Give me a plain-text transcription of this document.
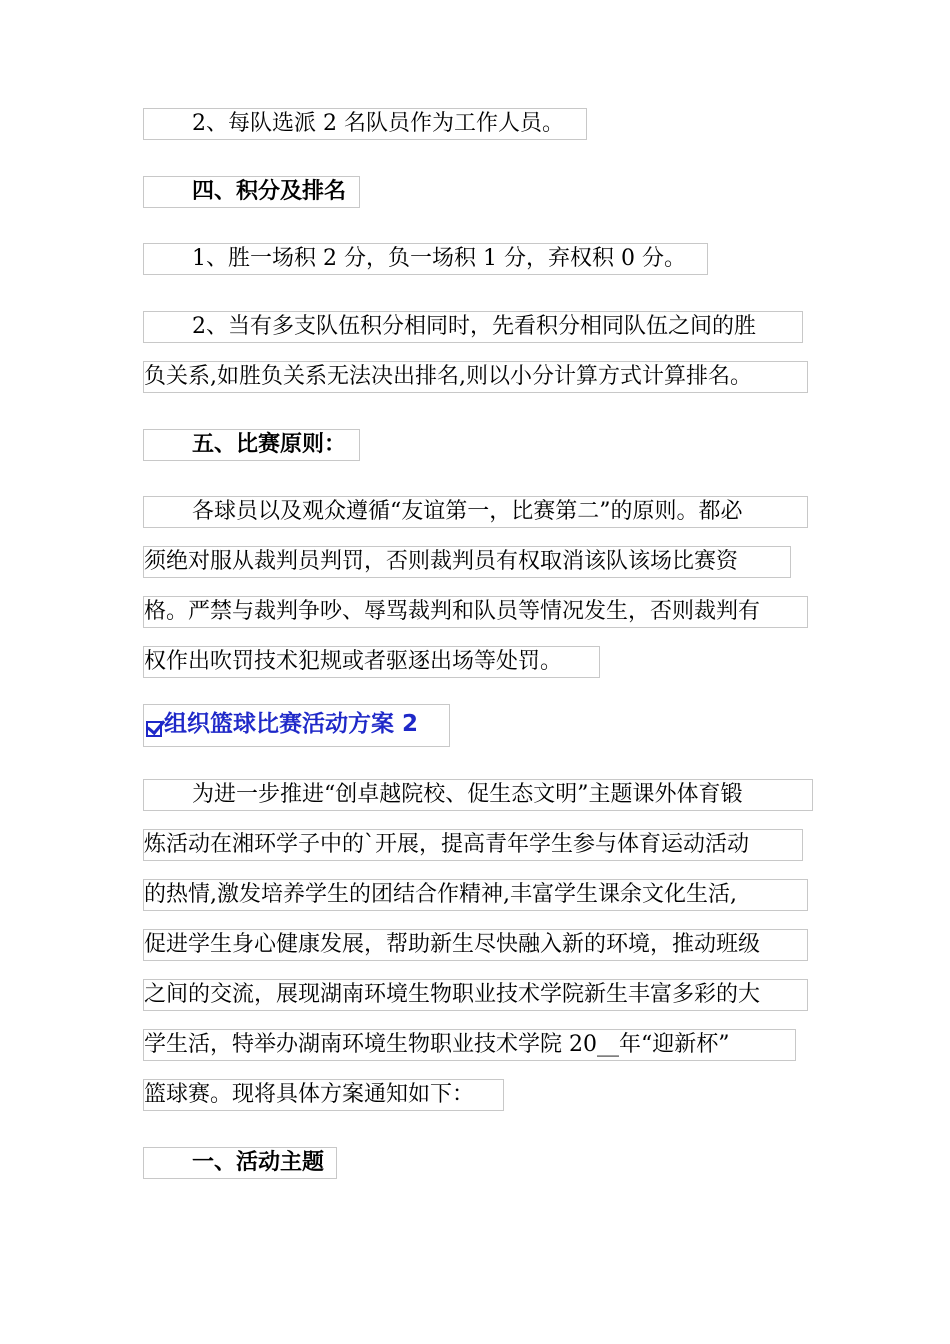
2、每队选派 2 名队员作为工作人员。
四、积分及排名
1、胜一场积 2 分，负一场积 1 分，弃权积 0 分。
2、当有多支队伍积分相同时，先看积分相同队伍之间的胜
负关系,如胜负关系无法决出排名,则以小分计算方式计算排名。
五、比赛原则：
各球员以及观众遵循“友谊第一，比赛第二”的原则。都必
须绝对服从裁判员判罚，否则裁判员有权取消该队该场比赛资
格。严禁与裁判争吵、辱骂裁判和队员等情况发生，否则裁判有
权作出吹罚技术犯规或者驱逐出场等处罚。
组织篮球比赛活动方案 2
为进一步推进“创卓越院校、促生态文明”主题课外体育锻
炼活动在湘环学子中的`开展，提高青年学生参与体育运动活动
的热情,激发培养学生的团结合作精神,丰富学生课余文化生活,
促进学生身心健康发展，帮助新生尽快融入新的环境，推动班级
之间的交流，展现湖南环境生物职业技术学院新生丰富多彩的大
学生活，特举办湖南环境生物职业技术学院 20__年“迎新杯”
篮球赛。现将具体方案通知如下：
一、活动主题
